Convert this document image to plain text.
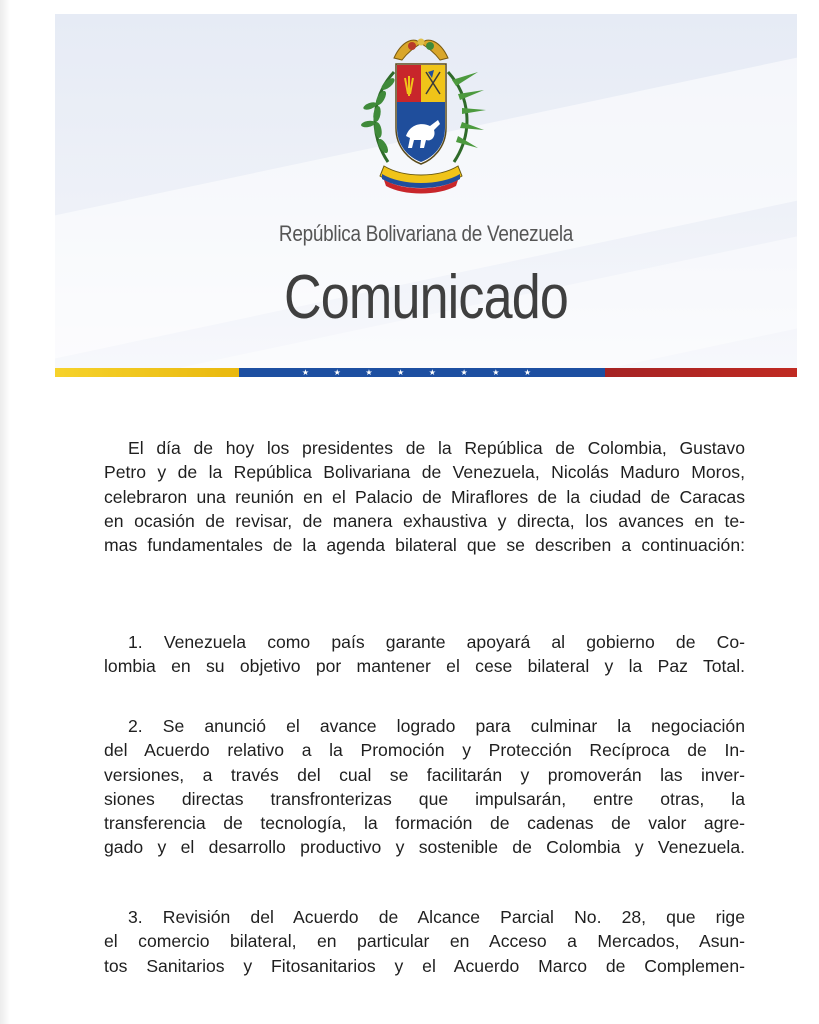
República Bolivariana de Venezuela
Comunicado
★ ★ ★ ★ ★ ★ ★ ★
El día de hoy los presidentes de la República de Colombia, Gustavo
Petro y de la República Bolivariana de Venezuela, Nicolás Maduro Moros,
celebraron una reunión en el Palacio de Miraflores de la ciudad de Caracas
en ocasión de revisar, de manera exhaustiva y directa, los avances en te-
mas fundamentales de la agenda bilateral que se describen a continuación:
1. Venezuela como país garante apoyará al gobierno de Co-
lombia en su objetivo por mantener el cese bilateral y la Paz Total.
2. Se anunció el avance logrado para culminar la negociación
del Acuerdo relativo a la Promoción y Protección Recíproca de In-
versiones, a través del cual se facilitarán y promoverán las inver-
siones directas transfronterizas que impulsarán, entre otras, la
transferencia de tecnología, la formación de cadenas de valor agre-
gado y el desarrollo productivo y sostenible de Colombia y Venezuela.
3. Revisión del Acuerdo de Alcance Parcial No. 28, que rige
el comercio bilateral, en particular en Acceso a Mercados, Asun-
tos Sanitarios y Fitosanitarios y el Acuerdo Marco de Complemen-
